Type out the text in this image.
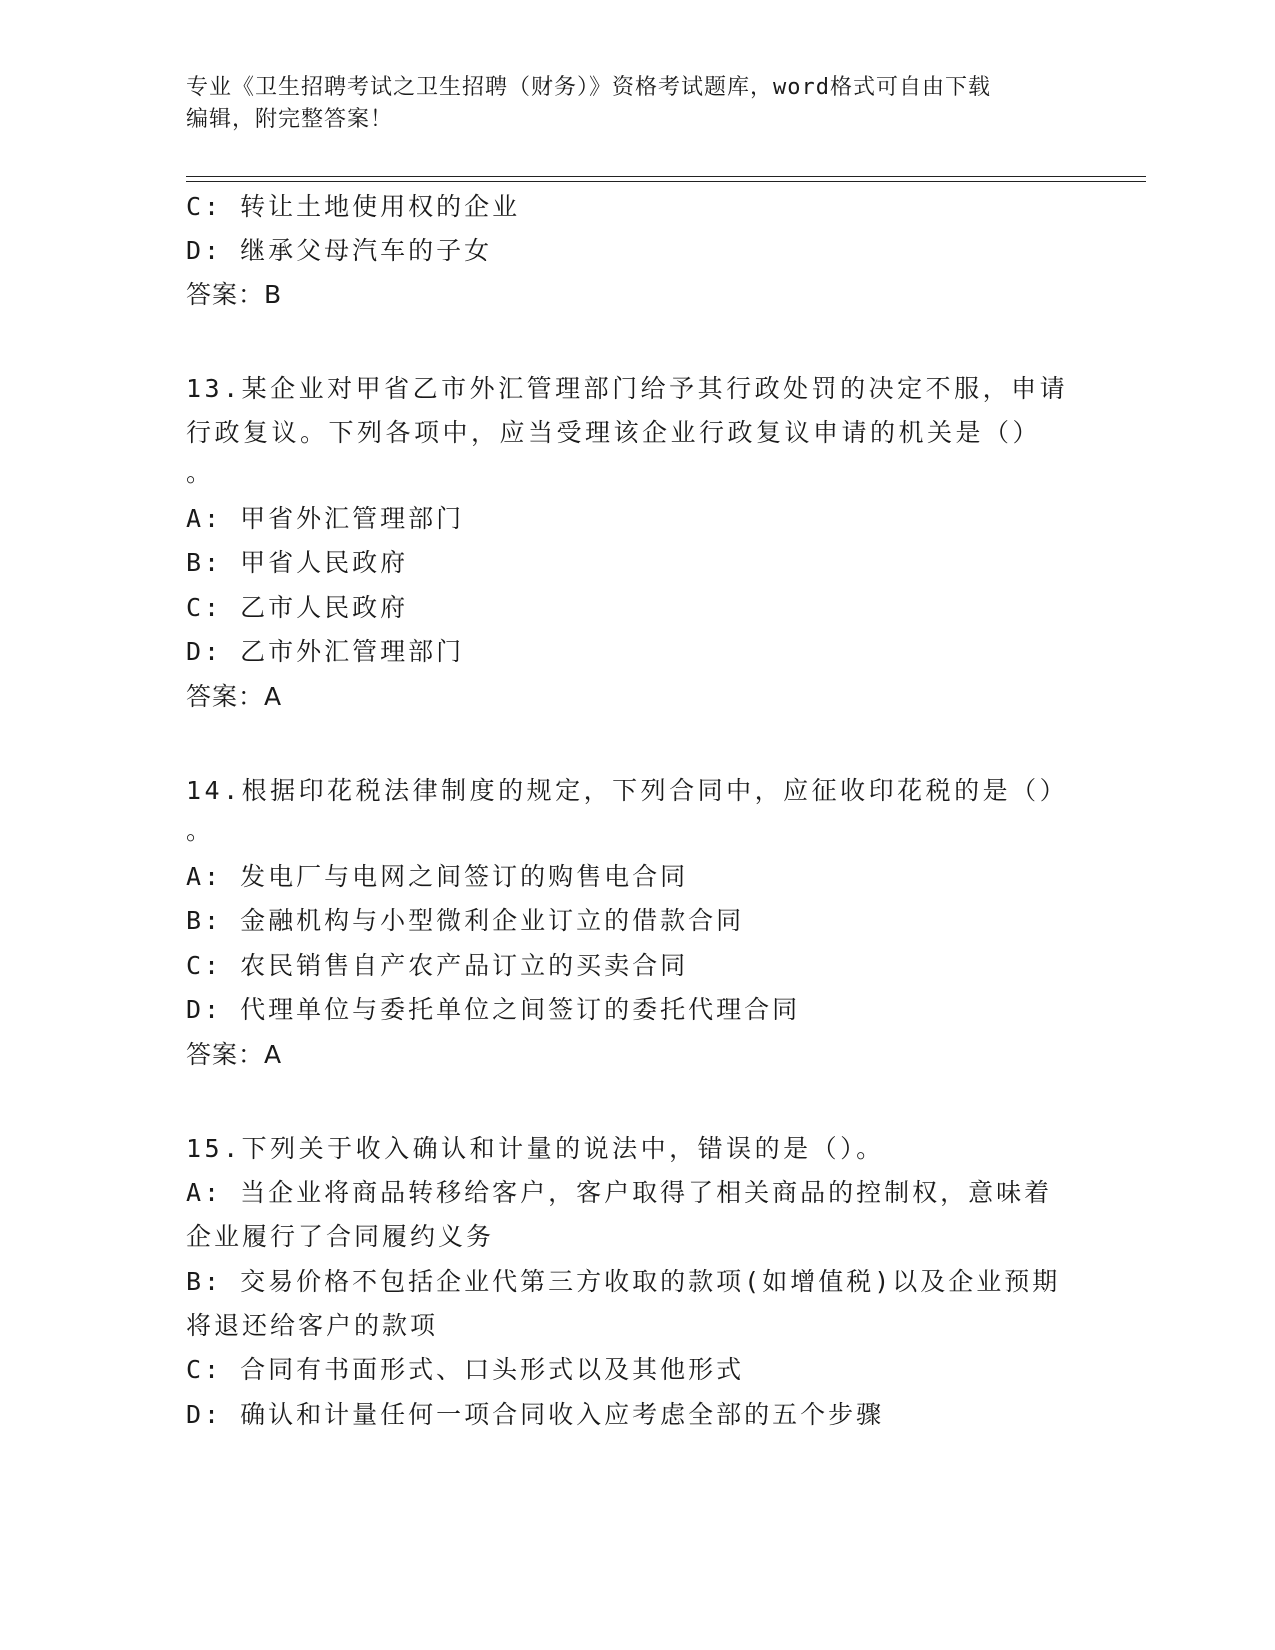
专业《卫生招聘考试之卫生招聘（财务）》资格考试题库，word格式可自由下载
编辑，附完整答案！
C: 转让土地使用权的企业
D: 继承父母汽车的子女
答案：B
13.某企业对甲省乙市外汇管理部门给予其行政处罚的决定不服，申请
行政复议。下列各项中，应当受理该企业行政复议申请的机关是（）
。
A: 甲省外汇管理部门
B: 甲省人民政府
C: 乙市人民政府
D: 乙市外汇管理部门
答案：A
14.根据印花税法律制度的规定，下列合同中，应征收印花税的是（）
。
A: 发电厂与电网之间签订的购售电合同
B: 金融机构与小型微利企业订立的借款合同
C: 农民销售自产农产品订立的买卖合同
D: 代理单位与委托单位之间签订的委托代理合同
答案：A
15.下列关于收入确认和计量的说法中，错误的是（）。
A: 当企业将商品转移给客户，客户取得了相关商品的控制权，意味着
企业履行了合同履约义务
B: 交易价格不包括企业代第三方收取的款项(如增值税)以及企业预期
将退还给客户的款项
C: 合同有书面形式、口头形式以及其他形式
D: 确认和计量任何一项合同收入应考虑全部的五个步骤
